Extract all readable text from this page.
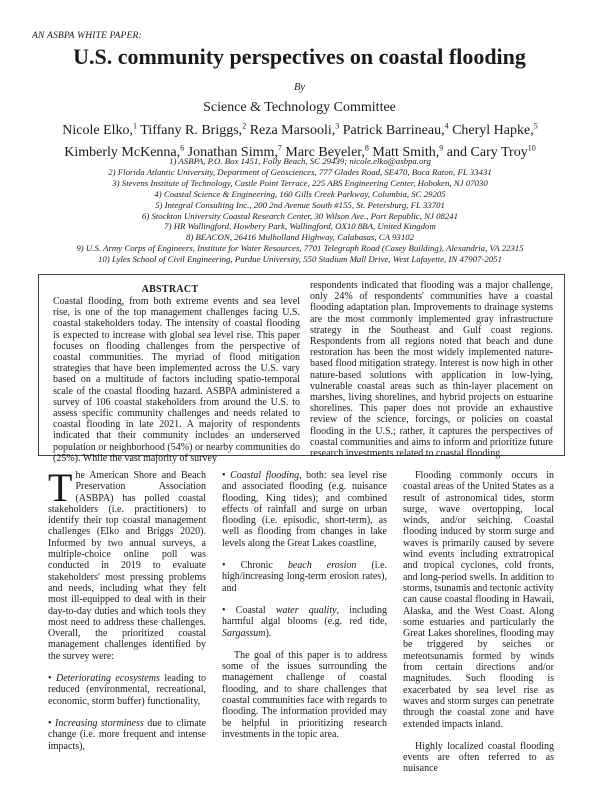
AN ASBPA WHITE PAPER:
U.S. community perspectives on coastal flooding
By
Science & Technology Committee
Nicole Elko,$^1$ Tiffany R. Briggs,$^2$ Reza Marsooli,$^3$ Patrick Barrineau,$^4$ Cheryl Hapke,$^5$
Kimberly McKenna,$^6$ Jonathan Simm,$^7$ Marc Beyeler,$^8$ Matt Smith,$^9$ and Cary Troy$^{10}$
1) ASBPA, P.O. Box 1451, Folly Beach, SC 29439; nicole.elko@asbpa.org
2) Florida Atlantic University, Department of Geosciences, 777 Glades Road, SE470, Boca Raton, FL 33431
3) Stevens Institute of Technology, Castle Point Terrace, 225 ABS Engineering Center, Hoboken, NJ 07030
4) Coastal Science & Engineering, 160 Gills Creek Parkway, Columbia, SC 29205
5) Integral Consulting Inc., 200 2nd Avenue South #155, St. Petersburg, FL 33701
6) Stockton University Coastal Research Center, 30 Wilson Ave., Port Republic, NJ 08241
7) HR Wallingford, Howbery Park, Wallingford, OX10 8BA, United Kingdom
8) BEACON, 26416 Mulholland Highway, Calabasas, CA 93102
9) U.S. Army Corps of Engineers, Institute for Water Resources, 7701 Telegraph Road (Casey Building), Alexandria, VA 22315
10) Lyles School of Civil Engineering, Purdue University, 550 Stadium Mall Drive, West Lafayette, IN 47907-2051
ABSTRACT
Coastal flooding, from both extreme events and sea level rise, is one of the top management challenges facing U.S. coastal stakeholders today. The intensity of coastal flooding is expected to increase with global sea level rise. This paper focuses on flooding challenges from the perspective of coastal communities. The myriad of flood mitigation strategies that have been implemented across the U.S. vary based on a multitude of factors including spatio-temporal scale of the coastal flooding hazard. ASBPA administered a survey of 106 coastal stakeholders from around the U.S. to assess specific community challenges and needs related to coastal flooding in late 2021. A majority of respondents indicated that their community includes an underserved population or neighborhood (54%) or nearby communities do (25%). While the vast majority of survey
respondents indicated that flooding was a major challenge, only 24% of respondents' communities have a coastal flooding adaptation plan. Improvements to drainage systems are the most commonly implemented gray infrastructure strategy in the Southeast and Gulf coast regions. Respondents from all regions noted that beach and dune restoration has been the most widely implemented nature-based flood mitigation strategy. Interest is now high in other nature-based solutions with application in low-lying, vulnerable coastal areas such as thin-layer placement on marshes, living shorelines, and hybrid projects on estuarine shorelines. This paper does not provide an exhaustive review of the science, forcings, or policies on coastal flooding in the U.S.; rather, it captures the perspectives of coastal communities and aims to inform and prioritize future research investments related to coastal flooding.

The American Shore and Beach Preservation Association (ASBPA) has polled coastal stakeholders (i.e. practitioners) to identify their top coastal management challenges (Elko and Briggs 2020). Informed by two annual surveys, a multiple-choice online poll was conducted in 2019 to evaluate stakeholders' most pressing problems and needs, including what they felt most ill-equipped to deal with in their day-to-day duties and which tools they most need to address these challenges. Overall, the prioritized coastal management challenges identified by the survey were:

• Deteriorating ecosystems leading to reduced (environmental, recreational, economic, storm buffer) functionality,

• Increasing storminess due to climate change (i.e. more frequent and intense impacts),

• Coastal flooding, both: sea level rise and associated flooding (e.g. nuisance flooding, King tides); and combined effects of rainfall and surge on urban flooding (i.e. episodic, short-term), as well as flooding from changes in lake levels along the Great Lakes coastline,

• Chronic beach erosion (i.e. high/increasing long-term erosion rates), and

• Coastal water quality, including harmful algal blooms (e.g. red tide, Sargassum).

The goal of this paper is to address some of the issues surrounding the management challenge of coastal flooding, and to share challenges that coastal communities face with regards to flooding. The information provided may be helpful in prioritizing research investments in the topic area.

Flooding commonly occurs in coastal areas of the United States as a result of astronomical tides, storm surge, wave overtopping, local winds, and/or seiching. Coastal flooding induced by storm surge and waves is primarily caused by severe wind events including extratropical and tropical cyclones, cold fronts, and long-period swells. In addition to storms, tsunamis and tectonic activity can cause coastal flooding in Hawaii, Alaska, and the West Coast. Along some estuaries and particularly the Great Lakes shorelines, flooding may be triggered by seiches or meteotsunamis formed by winds from certain directions and/or magnitudes. Such flooding is exacerbated by sea level rise as waves and storm surges can penetrate through the coastal zone and have extended impacts inland.

Highly localized coastal flooding events are often referred to as nuisance
